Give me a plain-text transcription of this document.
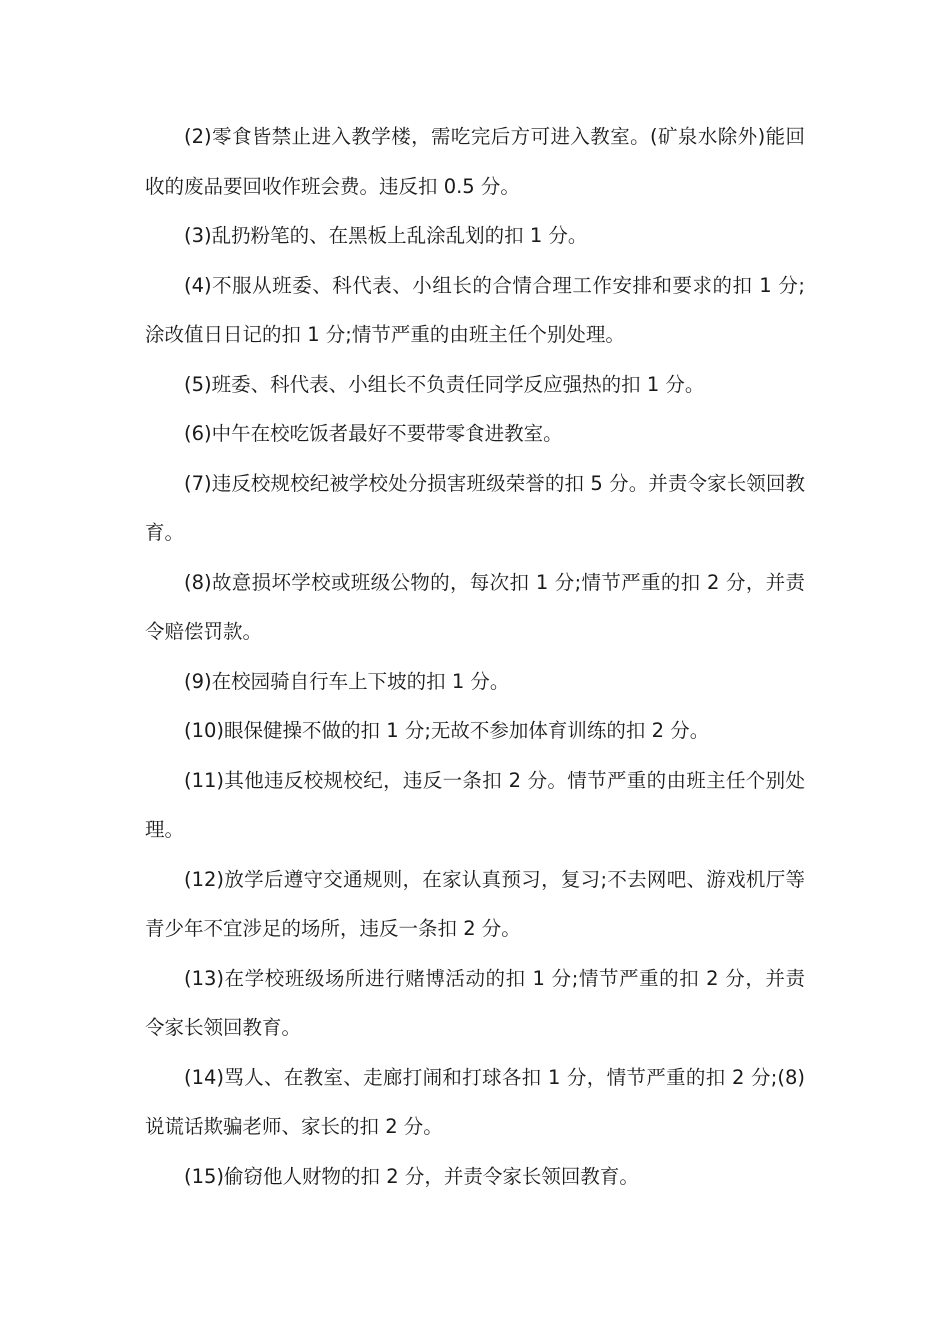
(2)零食皆禁止进入教学楼，需吃完后方可进入教室。(矿泉水除外)能回收的废品要回收作班会费。违反扣 0.5 分。

(3)乱扔粉笔的、在黑板上乱涂乱划的扣 1 分。

(4)不服从班委、科代表、小组长的合情合理工作安排和要求的扣 1 分;涂改值日日记的扣 1 分;情节严重的由班主任个别处理。

(5)班委、科代表、小组长不负责任同学反应强热的扣 1 分。

(6)中午在校吃饭者最好不要带零食进教室。

(7)违反校规校纪被学校处分损害班级荣誉的扣 5 分。并责令家长领回教育。

(8)故意损坏学校或班级公物的，每次扣 1 分;情节严重的扣 2 分，并责令赔偿罚款。

(9)在校园骑自行车上下坡的扣 1 分。

(10)眼保健操不做的扣 1 分;无故不参加体育训练的扣 2 分。

(11)其他违反校规校纪，违反一条扣 2 分。情节严重的由班主任个别处理。

(12)放学后遵守交通规则，在家认真预习，复习;不去网吧、游戏机厅等青少年不宜涉足的场所，违反一条扣 2 分。

(13)在学校班级场所进行赌博活动的扣 1 分;情节严重的扣 2 分，并责令家长领回教育。

(14)骂人、在教室、走廊打闹和打球各扣 1 分，情节严重的扣 2 分;(8)说谎话欺骗老师、家长的扣 2 分。

(15)偷窃他人财物的扣 2 分，并责令家长领回教育。
